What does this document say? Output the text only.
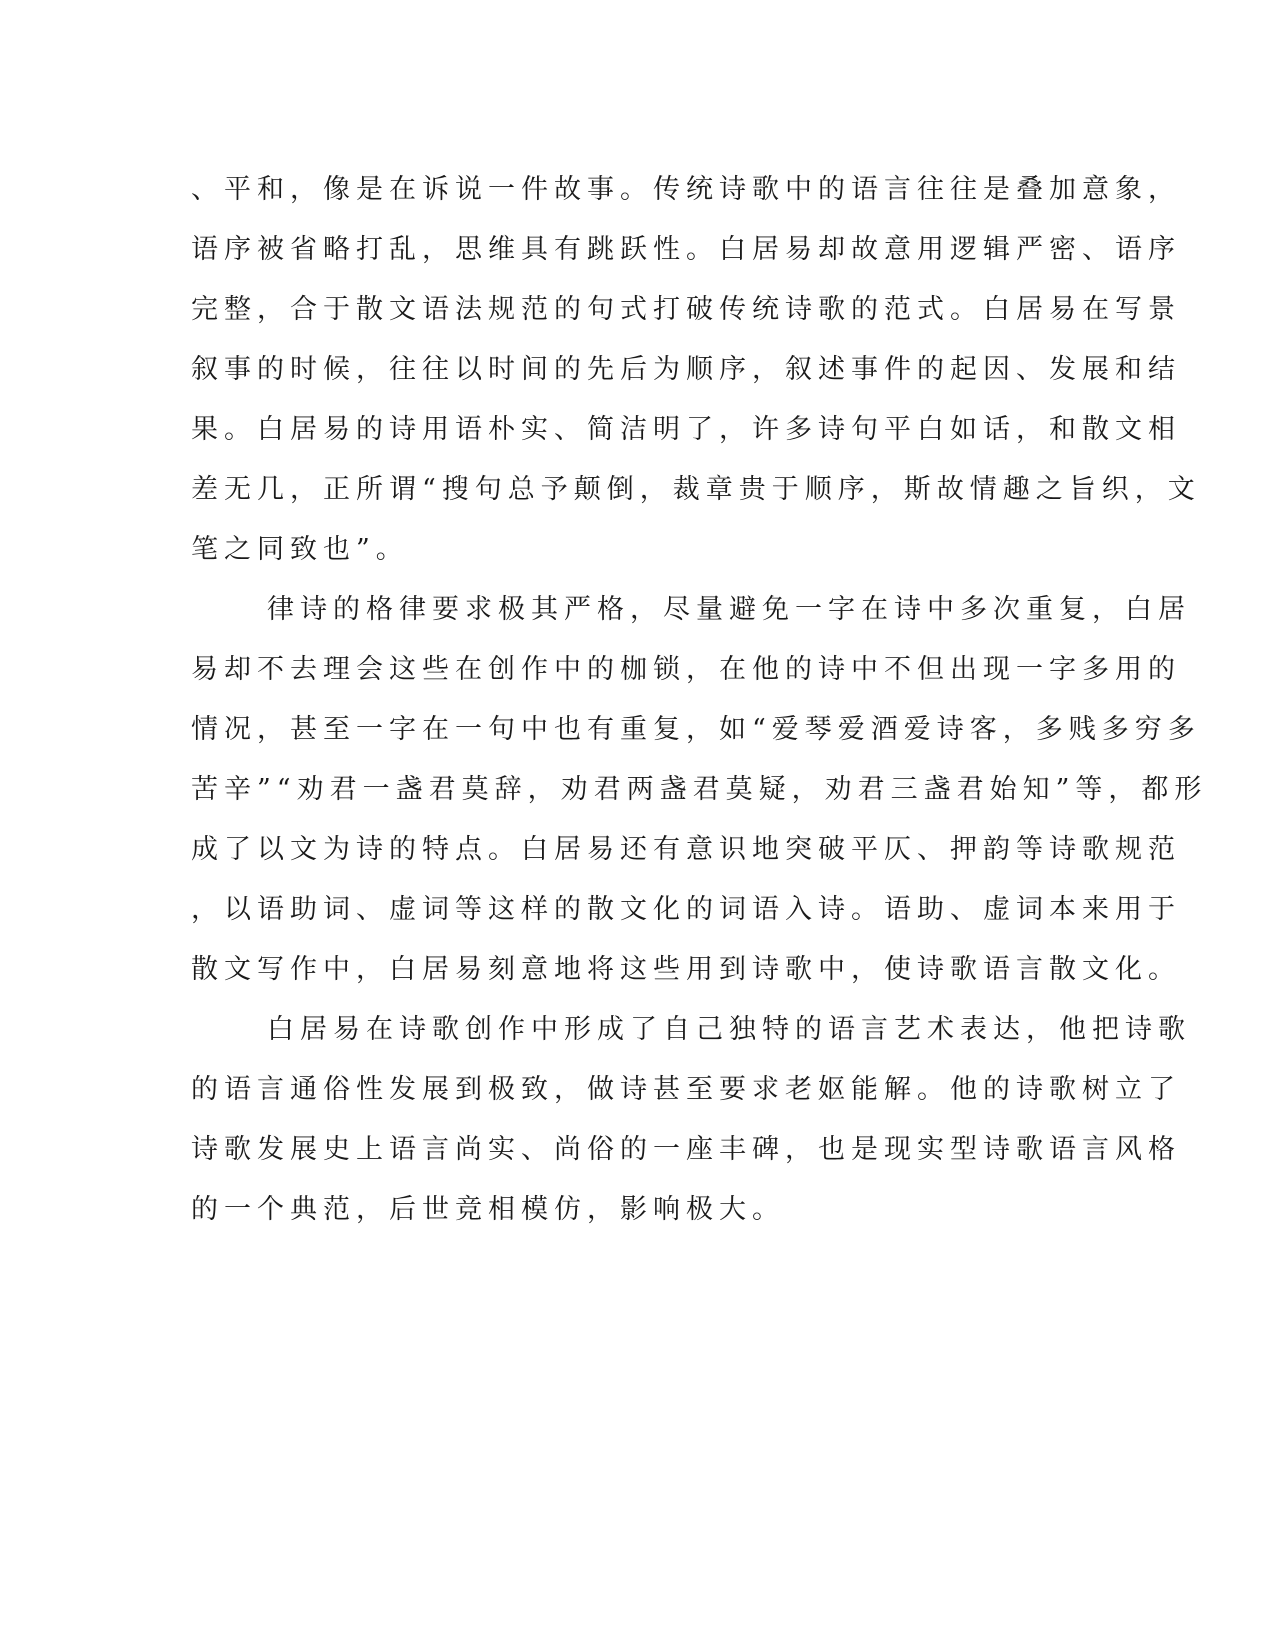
、平和，像是在诉说一件故事。传统诗歌中的语言往往是叠加意象，
语序被省略打乱，思维具有跳跃性。白居易却故意用逻辑严密、语序
完整，合于散文语法规范的句式打破传统诗歌的范式。白居易在写景
叙事的时候，往往以时间的先后为顺序，叙述事件的起因、发展和结
果。白居易的诗用语朴实、简洁明了，许多诗句平白如话，和散文相
差无几，正所谓“搜句总予颠倒，裁章贵于顺序，斯故情趣之旨织，文
笔之同致也”。
律诗的格律要求极其严格，尽量避免一字在诗中多次重复，白居
易却不去理会这些在创作中的枷锁，在他的诗中不但出现一字多用的
情况，甚至一字在一句中也有重复，如“爱琴爱酒爱诗客，多贱多穷多
苦辛”“劝君一盏君莫辞，劝君两盏君莫疑，劝君三盏君始知”等，都形
成了以文为诗的特点。白居易还有意识地突破平仄、押韵等诗歌规范
，以语助词、虚词等这样的散文化的词语入诗。语助、虚词本来用于
散文写作中，白居易刻意地将这些用到诗歌中，使诗歌语言散文化。
白居易在诗歌创作中形成了自己独特的语言艺术表达，他把诗歌
的语言通俗性发展到极致，做诗甚至要求老妪能解。他的诗歌树立了
诗歌发展史上语言尚实、尚俗的一座丰碑，也是现实型诗歌语言风格
的一个典范，后世竞相模仿，影响极大。
